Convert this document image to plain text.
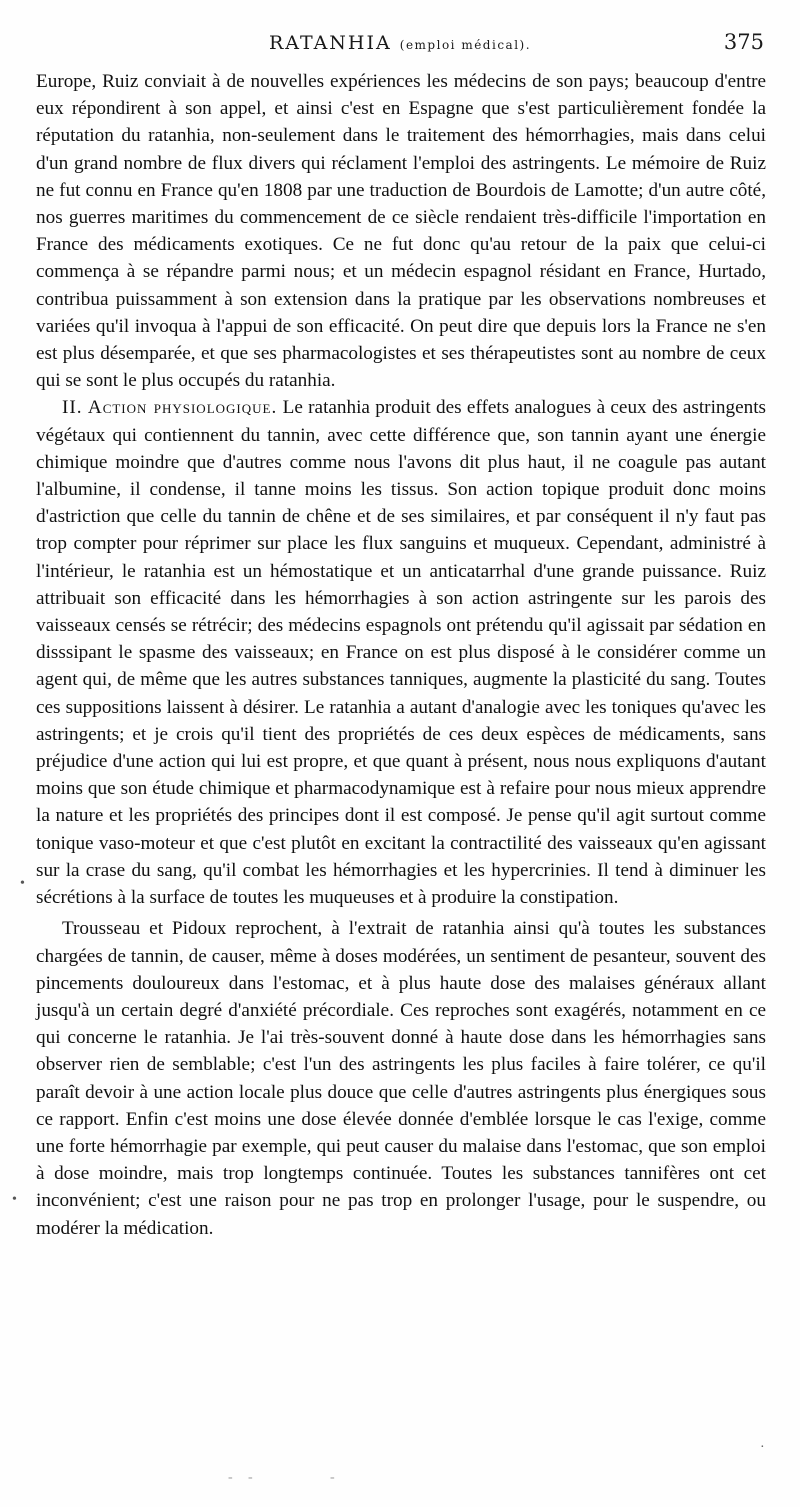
RATANHIA (emploi médical).	375

Europe, Ruiz conviait à de nouvelles expériences les médecins de son pays; beaucoup d'entre eux répondirent à son appel, et ainsi c'est en Espagne que s'est particulièrement fondée la réputation du ratanhia, non-seulement dans le traitement des hémorrhagies, mais dans celui d'un grand nombre de flux divers qui réclament l'emploi des astringents. Le mémoire de Ruiz ne fut connu en France qu'en 1808 par une traduction de Bourdois de Lamotte; d'un autre côté, nos guerres maritimes du commencement de ce siècle rendaient très-difficile l'importation en France des médicaments exotiques. Ce ne fut donc qu'au retour de la paix que celui-ci commença à se répandre parmi nous; et un médecin espagnol résidant en France, Hurtado, contribua puissamment à son extension dans la pratique par les observations nombreuses et variées qu'il invoqua à l'appui de son efficacité. On peut dire que depuis lors la France ne s'en est plus désemparée, et que ses pharmacologistes et ses thérapeutistes sont au nombre de ceux qui se sont le plus occupés du ratanhia.

II. Action physiologique. Le ratanhia produit des effets analogues à ceux des astringents végétaux qui contiennent du tannin, avec cette différence que, son tannin ayant une énergie chimique moindre que d'autres comme nous l'avons dit plus haut, il ne coagule pas autant l'albumine, il condense, il tanne moins les tissus. Son action topique produit donc moins d'astriction que celle du tannin de chêne et de ses similaires, et par conséquent il n'y faut pas trop compter pour réprimer sur place les flux sanguins et muqueux. Cependant, administré à l'intérieur, le ratanhia est un hémostatique et un anticatarrhal d'une grande puissance. Ruiz attribuait son efficacité dans les hémorrhagies à son action astringente sur les parois des vaisseaux censés se rétrécir; des médecins espagnols ont prétendu qu'il agissait par sédation en disssipant le spasme des vaisseaux; en France on est plus disposé à le considérer comme un agent qui, de même que les autres substances tanniques, augmente la plasticité du sang. Toutes ces suppositions laissent à désirer. Le ratanhia a autant d'analogie avec les toniques qu'avec les astringents; et je crois qu'il tient des propriétés de ces deux espèces de médicaments, sans préjudice d'une action qui lui est propre, et que quant à présent, nous nous expliquons d'autant moins que son étude chimique et pharmacodynamique est à refaire pour nous mieux apprendre la nature et les propriétés des principes dont il est composé. Je pense qu'il agit surtout comme tonique vaso-moteur et que c'est plutôt en excitant la contractilité des vaisseaux qu'en agissant sur la crase du sang, qu'il combat les hémorrhagies et les hypercrinies. Il tend à diminuer les sécrétions à la surface de toutes les muqueuses et à produire la constipation.

Trousseau et Pidoux reprochent, à l'extrait de ratanhia ainsi qu'à toutes les substances chargées de tannin, de causer, même à doses modérées, un sentiment de pesanteur, souvent des pincements douloureux dans l'estomac, et à plus haute dose des malaises généraux allant jusqu'à un certain degré d'anxiété précordiale. Ces reproches sont exagérés, notamment en ce qui concerne le ratanhia. Je l'ai très-souvent donné à haute dose dans les hémorrhagies sans observer rien de semblable; c'est l'un des astringents les plus faciles à faire tolérer, ce qu'il paraît devoir à une action locale plus douce que celle d'autres astringents plus énergiques sous ce rapport. Enfin c'est moins une dose élevée donnée d'emblée lorsque le cas l'exige, comme une forte hémorrhagie par exemple, qui peut causer du malaise dans l'estomac, que son emploi à dose moindre, mais trop longtemps continuée. Toutes les substances tannifères ont cet inconvénient; c'est une raison pour ne pas trop en prolonger l'usage, pour le suspendre, ou modérer la médication.

•
•
·
- -	-
